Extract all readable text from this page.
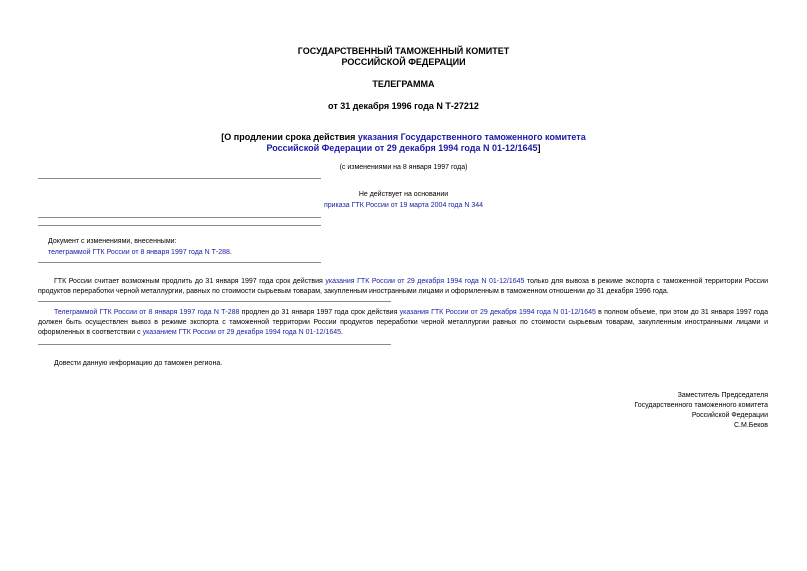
ГОСУДАРСТВЕННЫЙ ТАМОЖЕННЫЙ КОМИТЕТ
РОССИЙСКОЙ ФЕДЕРАЦИИ
ТЕЛЕГРАММА
от 31 декабря 1996 года N Т-27212
[О продлении срока действия указания Государственного таможенного комитета
Российской Федерации от 29 декабря 1994 года N 01-12/1645]
(с изменениями на 8 января 1997 года)
Не действует на основании
приказа ГТК России от 19 марта 2004 года N 344
Документ с изменениями, внесенными:
телеграммой ГТК России от 8 января 1997 года N Т-288.
ГТК России считает возможным продлить до 31 января 1997 года срок действия указания ГТК России от 29 декабря 1994 года N 01-12/1645 только для вывоза в режиме экспорта с таможенной территории России продуктов переработки черной металлургии, равных по стоимости сырьевым товарам, закупленным иностранными лицами и оформленным в таможенном отношении до 31 декабря 1996 года.
Телеграммой ГТК России от 8 января 1997 года N Т-288 продлен до 31 января 1997 года срок действия указания ГТК России от 29 декабря 1994 года N 01-12/1645 в полном объеме, при этом до 31 января 1997 года должен быть осуществлен вывоз в режиме экспорта с таможенной территории России продуктов переработки черной металлургии равных по стоимости сырьевым товарам, закупленным иностранными лицами и оформленных в соответствии с указанием ГТК России от 29 декабря 1994 года N 01-12/1645.
Довести данную информацию до таможен региона.
Заместитель Председателя
Государственного таможенного комитета
Российской Федерации
С.М.Беков
